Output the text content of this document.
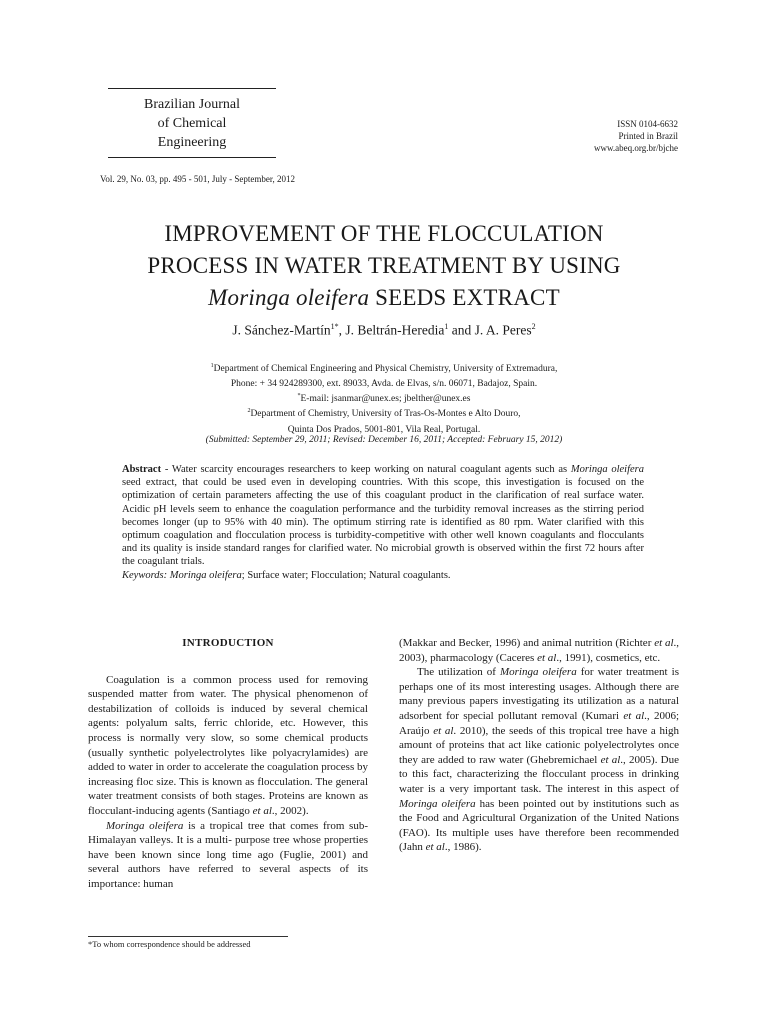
Brazilian Journal
of Chemical
Engineering
ISSN 0104-6632
Printed in Brazil
www.abeq.org.br/bjche
Vol. 29, No. 03, pp. 495 - 501, July - September, 2012
IMPROVEMENT OF THE FLOCCULATION
PROCESS IN WATER TREATMENT BY USING
Moringa oleifera SEEDS EXTRACT
J. Sánchez-Martín$^{1*}$, J. Beltrán-Heredia$^1$ and J. A. Peres$^2$
$^1$Department of Chemical Engineering and Physical Chemistry, University of Extremadura,
Phone: + 34 924289300, ext. 89033, Avda. de Elvas, s/n. 06071, Badajoz, Spain.
*E-mail: jsanmar@unex.es; jbelther@unex.es
$^2$Department of Chemistry, University of Tras-Os-Montes e Alto Douro,
Quinta Dos Prados, 5001-801, Vila Real, Portugal.
(Submitted: September 29, 2011; Revised: December 16, 2011; Accepted: February 15, 2012)
Abstract - Water scarcity encourages researchers to keep working on natural coagulant agents such as Moringa oleifera seed extract, that could be used even in developing countries. With this scope, this investigation is focused on the optimization of certain parameters affecting the use of this coagulant product in the clarification of real surface water. Acidic pH levels seem to enhance the coagulation performance and the turbidity removal increases as the stirring period becomes longer (up to 95% with 40 min). The optimum stirring rate is identified as 80 rpm. Water clarified with this optimum coagulation and flocculation process is turbidity-competitive with other well known coagulants and flocculants and its quality is inside standard ranges for clarified water. No microbial growth is observed within the first 72 hours after the coagulant trials.
Keywords: Moringa oleifera; Surface water; Flocculation; Natural coagulants.
INTRODUCTION

Coagulation is a common process used for removing suspended matter from water. The physical phenomenon of destabilization of colloids is induced by several chemical agents: polyalum salts, ferric chloride, etc. However, this process is normally very slow, so some chemical products (usually synthetic polyelectrolytes like polyacrylamides) are added to water in order to accelerate the coagulation process by increasing floc size. This is known as flocculation. The general water treatment consists of both stages. Proteins are known as flocculant-inducing agents (Santiago et al., 2002).

Moringa oleifera is a tropical tree that comes from sub-Himalayan valleys. It is a multi- purpose tree whose properties have been known since long time ago (Fuglie, 2001) and several authors have referred to several aspects of its importance: human

(Makkar and Becker, 1996) and animal nutrition (Richter et al., 2003), pharmacology (Caceres et al., 1991), cosmetics, etc.

The utilization of Moringa oleifera for water treatment is perhaps one of its most interesting usages. Although there are many previous papers investigating its utilization as a natural adsorbent for special pollutant removal (Kumari et al., 2006; Araújo et al. 2010), the seeds of this tropical tree have a high amount of proteins that act like cationic polyelectrolytes once they are added to raw water (Ghebremichael et al., 2005). Due to this fact, characterizing the flocculant process in drinking water is a very important task. The interest in this aspect of Moringa oleifera has been pointed out by institutions such as the Food and Agricultural Organization of the United Nations (FAO). Its multiple uses have therefore been recommended (Jahn et al., 1986).

*To whom correspondence should be addressed
